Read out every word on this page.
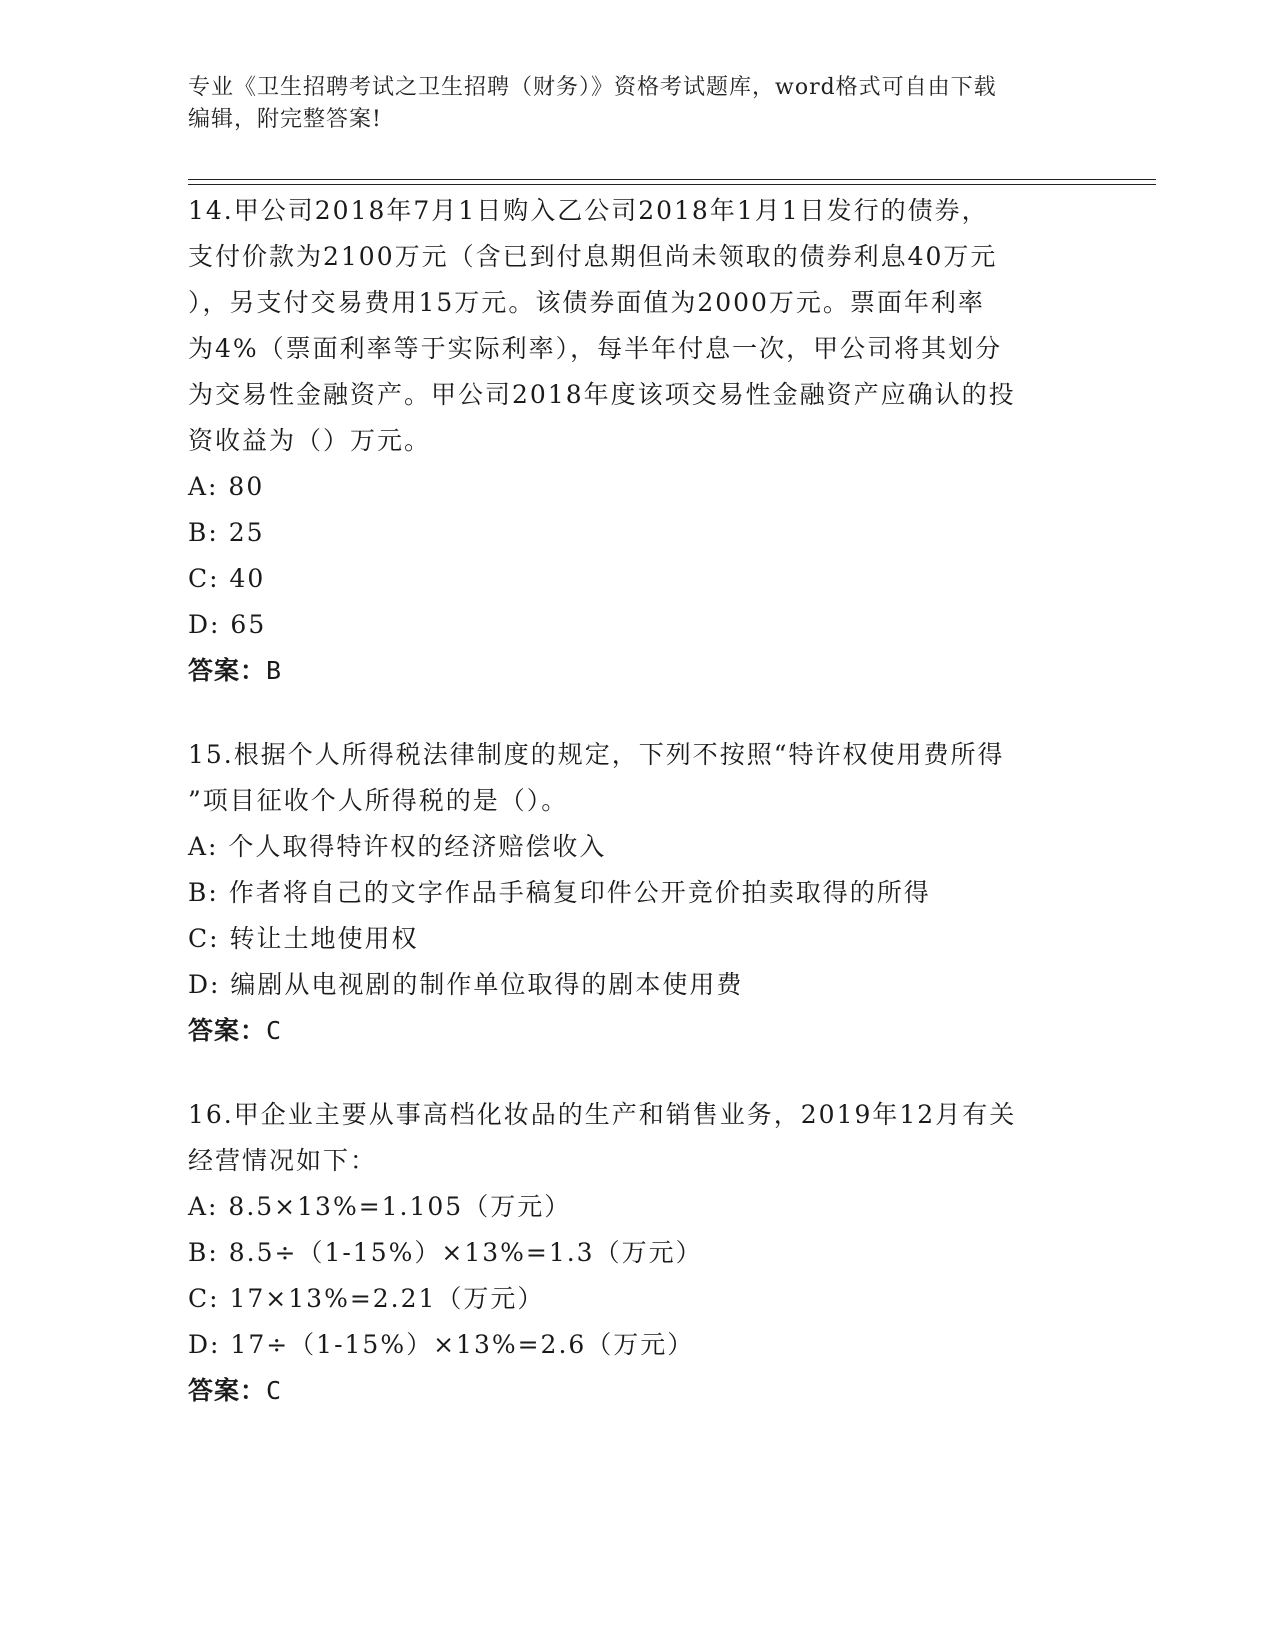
专业《卫生招聘考试之卫生招聘（财务）》资格考试题库，word格式可自由下载
编辑，附完整答案!

14.甲公司2018年7月1日购入乙公司2018年1月1日发行的债券，

支付价款为2100万元（含已到付息期但尚未领取的债券利息40万元

），另支付交易费用15万元。该债券面值为2000万元。票面年利率

为4%（票面利率等于实际利率），每半年付息一次，甲公司将其划分

为交易性金融资产。甲公司2018年度该项交易性金融资产应确认的投

资收益为（）万元。

A: 80

B: 25

C: 40

D: 65

答案：B

15.根据个人所得税法律制度的规定，下列不按照“特许权使用费所得

”项目征收个人所得税的是（）。

A: 个人取得特许权的经济赔偿收入

B: 作者将自己的文字作品手稿复印件公开竞价拍卖取得的所得

C: 转让土地使用权

D: 编剧从电视剧的制作单位取得的剧本使用费

答案：C

16.甲企业主要从事高档化妆品的生产和销售业务，2019年12月有关

经营情况如下：

A: 8.5×13%=1.105（万元）

B: 8.5÷（1-15%）×13%=1.3（万元）

C: 17×13%=2.21（万元）

D: 17÷（1-15%）×13%=2.6（万元）

答案：C
